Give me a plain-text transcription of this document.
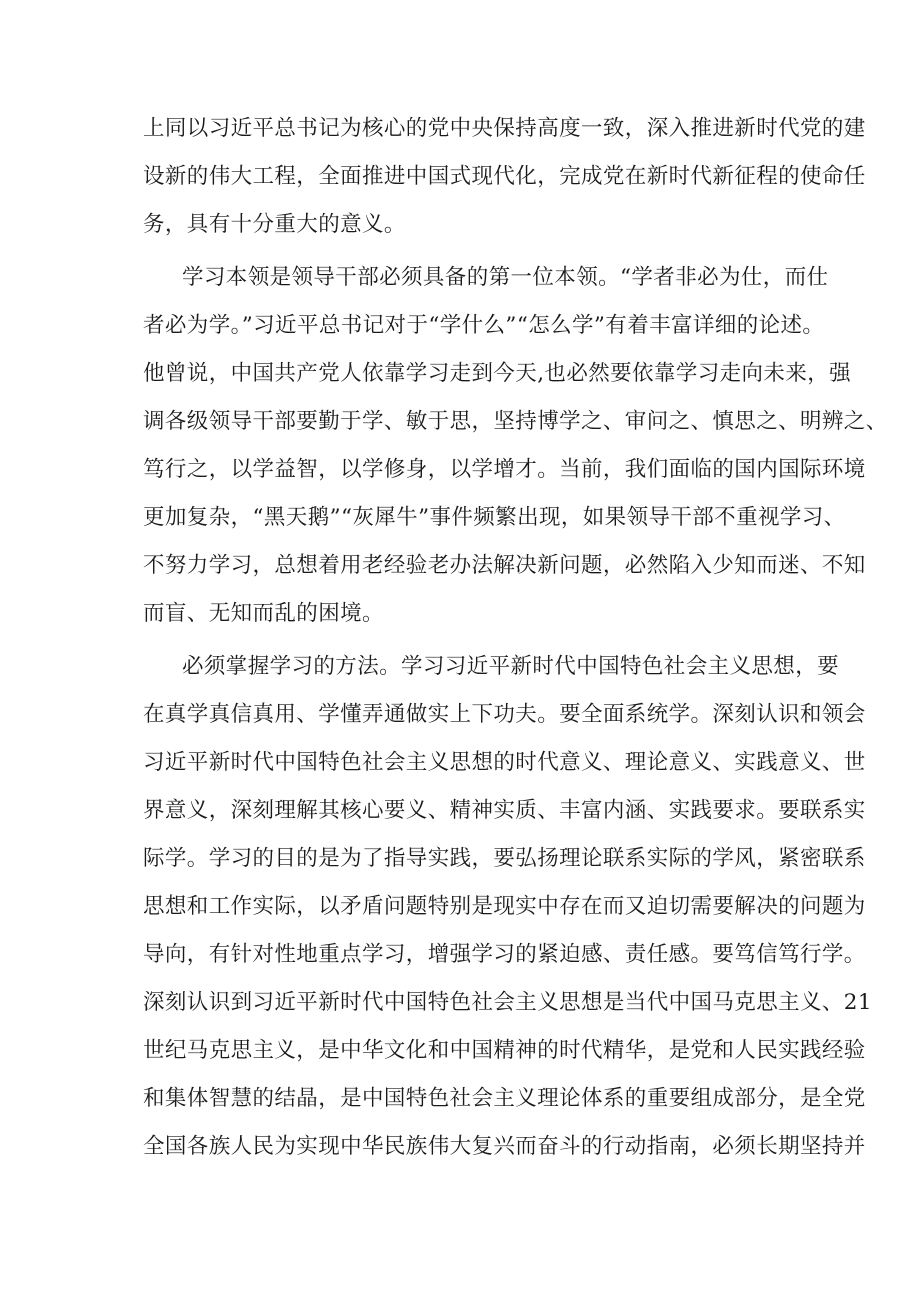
上同以习近平总书记为核心的党中央保持高度一致，深入推进新时代党的建
设新的伟大工程，全面推进中国式现代化，完成党在新时代新征程的使命任
务，具有十分重大的意义。
学习本领是领导干部必须具备的第一位本领。“学者非必为仕，而仕
者必为学。”习近平总书记对于“学什么”“怎么学”有着丰富详细的论述。
他曾说，中国共产党人依靠学习走到今天,也必然要依靠学习走向未来，强
调各级领导干部要勤于学、敏于思，坚持博学之、审问之、慎思之、明辨之、
笃行之，以学益智，以学修身，以学增才。当前，我们面临的国内国际环境
更加复杂，“黑天鹅”“灰犀牛”事件频繁出现，如果领导干部不重视学习、
不努力学习，总想着用老经验老办法解决新问题，必然陷入少知而迷、不知
而盲、无知而乱的困境。
必须掌握学习的方法。学习习近平新时代中国特色社会主义思想，要
在真学真信真用、学懂弄通做实上下功夫。要全面系统学。深刻认识和领会
习近平新时代中国特色社会主义思想的时代意义、理论意义、实践意义、世
界意义，深刻理解其核心要义、精神实质、丰富内涵、实践要求。要联系实
际学。学习的目的是为了指导实践，要弘扬理论联系实际的学风，紧密联系
思想和工作实际，以矛盾问题特别是现实中存在而又迫切需要解决的问题为
导向，有针对性地重点学习，增强学习的紧迫感、责任感。要笃信笃行学。
深刻认识到习近平新时代中国特色社会主义思想是当代中国马克思主义、21
世纪马克思主义，是中华文化和中国精神的时代精华，是党和人民实践经验
和集体智慧的结晶，是中国特色社会主义理论体系的重要组成部分，是全党
全国各族人民为实现中华民族伟大复兴而奋斗的行动指南，必须长期坚持并
